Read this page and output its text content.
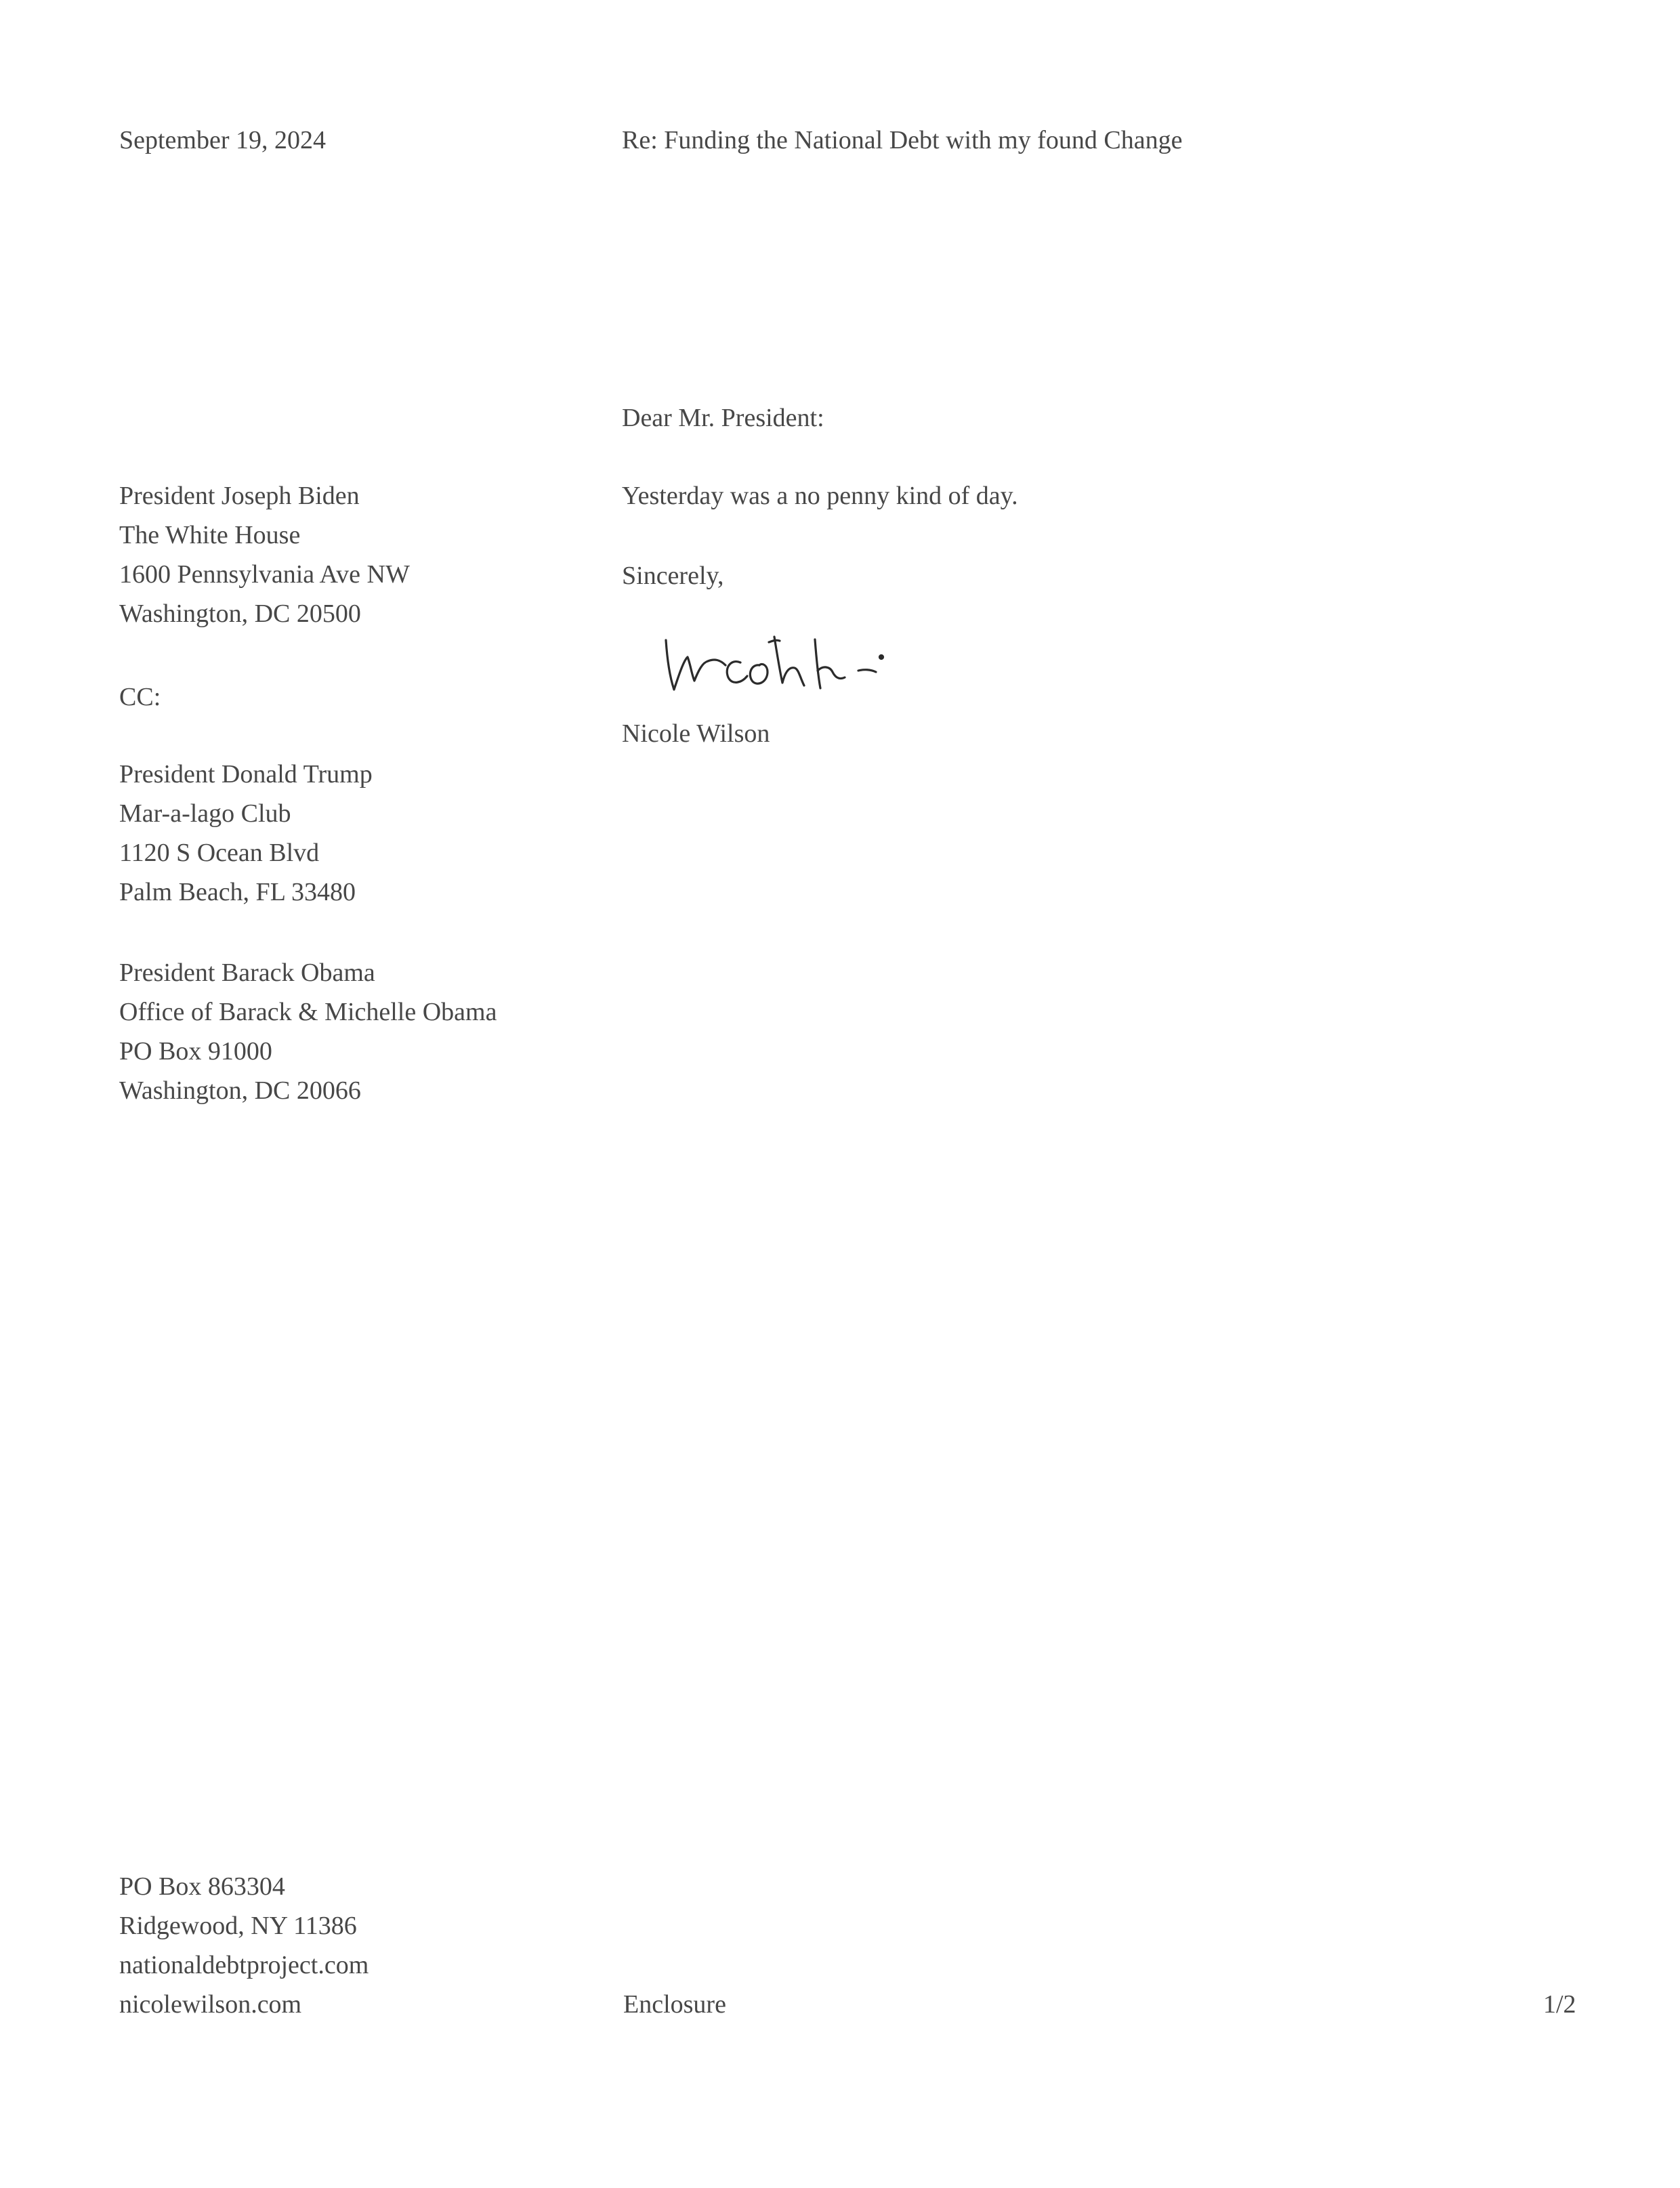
September 19, 2024	Re: Funding the National Debt with my found Change
Dear Mr. President:
President Joseph Biden
The White House
1600 Pennsylvania Ave NW
Washington, DC 20500
Yesterday was a no penny kind of day.
Sincerely,
Nicole Wilson
CC:
President Donald Trump
Mar-a-lago Club
1120 S Ocean Blvd
Palm Beach, FL 33480
President Barack Obama
Office of Barack & Michelle Obama
PO Box 91000
Washington, DC 20066
PO Box 863304
Ridgewood, NY 11386
nationaldebtproject.com
nicolewilson.com	Enclosure	1/2
